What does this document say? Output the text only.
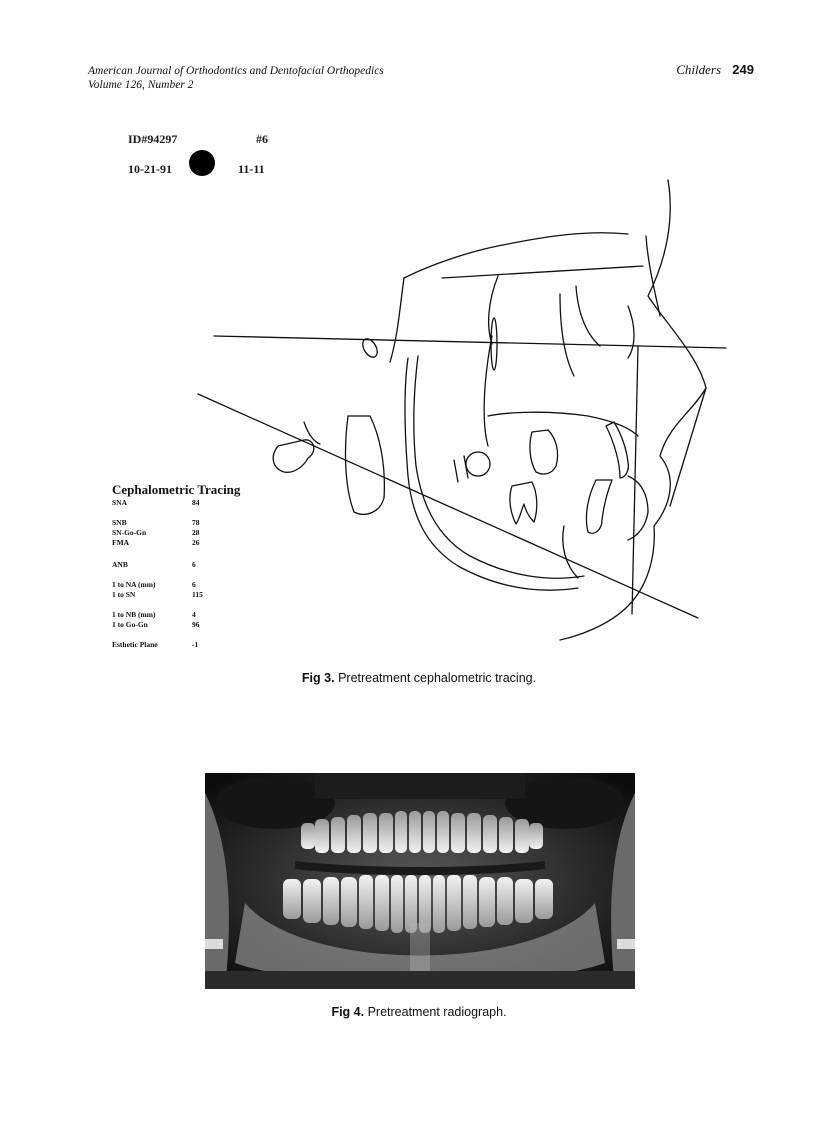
American Journal of Orthodontics and Dentofacial Orthopedics
Volume 126, Number 2
Childers 249
ID#94297	#6
10-21-91	11-11
Cephalometric Tracing
SNA	84
SNB	78
SN-Go-Gn	28
FMA	26
ANB	6
1 to NA (mm)	6
1 to SN	115
1 to NB (mm)	4
1 to Go-Gn	96
Esthetic Plane	-1
Fig 3. Pretreatment cephalometric tracing.
Fig 4. Pretreatment radiograph.
